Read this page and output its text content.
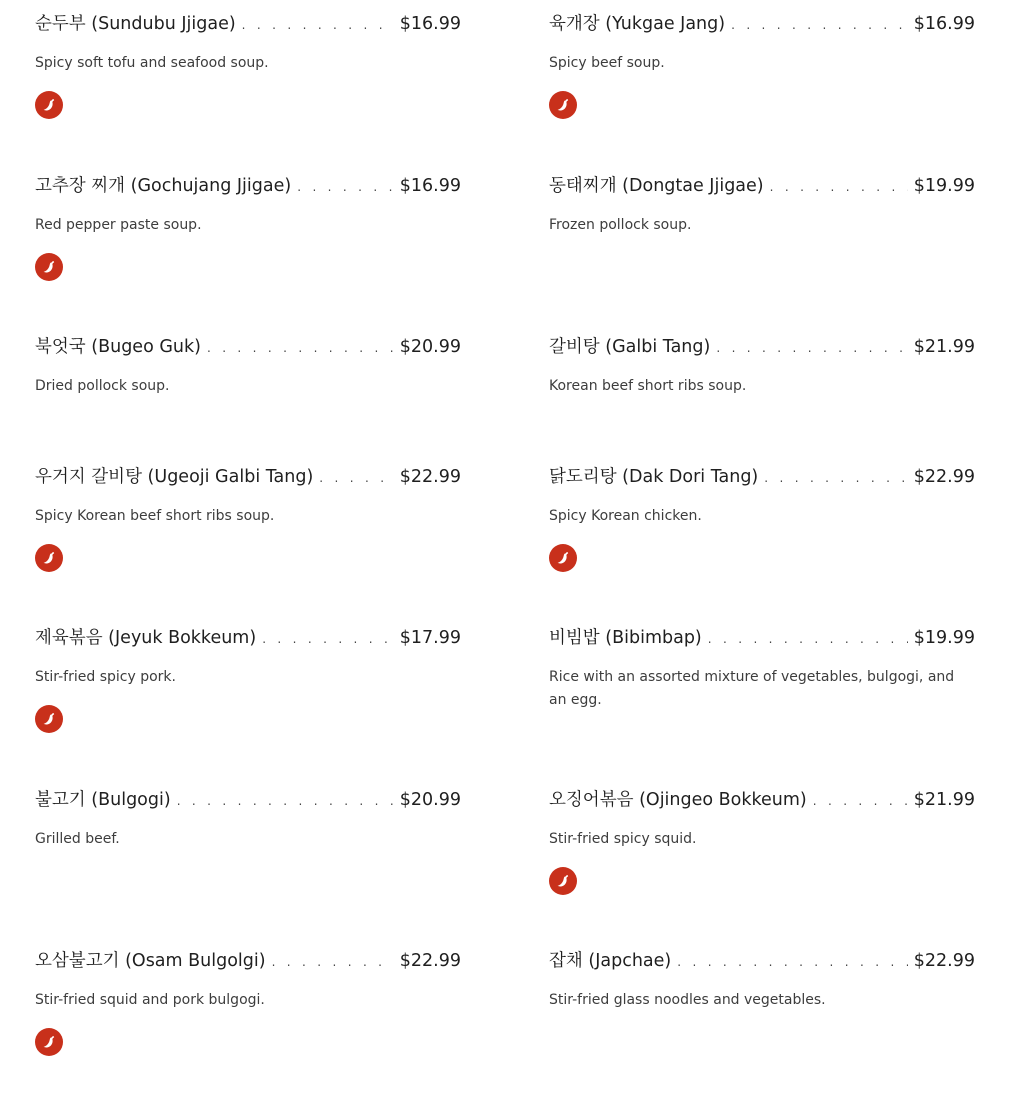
순두부 (Sundubu Jjigae) . . .	$16.99
Spicy soft tofu and seafood soup.
육개장 (Yukgae Jang) . . .	$16.99
Spicy beef soup.
고추장 찌개 (Gochujang Jjigae) . . .	$16.99
Red pepper paste soup.
동태찌개 (Dongtae Jjigae) . . .	$19.99
Frozen pollock soup.
북엇국 (Bugeo Guk) . . .	$20.99
Dried pollock soup.
갈비탕 (Galbi Tang) . . .	$21.99
Korean beef short ribs soup.
우거지 갈비탕 (Ugeoji Galbi Tang) . . .	$22.99
Spicy Korean beef short ribs soup.
닭도리탕 (Dak Dori Tang) . . .	$22.99
Spicy Korean chicken.
제육볶음 (Jeyuk Bokkeum) . . .	$17.99
Stir-fried spicy pork.
비빔밥 (Bibimbap) . . .	$19.99
Rice with an assorted mixture of vegetables, bulgogi, and an egg.
불고기 (Bulgogi) . . .	$20.99
Grilled beef.
오징어볶음 (Ojingeo Bokkeum) . . .	$21.99
Stir-fried spicy squid.
오삼불고기 (Osam Bulgolgi) . . .	$22.99
Stir-fried squid and pork bulgogi.
잡채 (Japchae) . . .	$22.99
Stir-fried glass noodles and vegetables.
